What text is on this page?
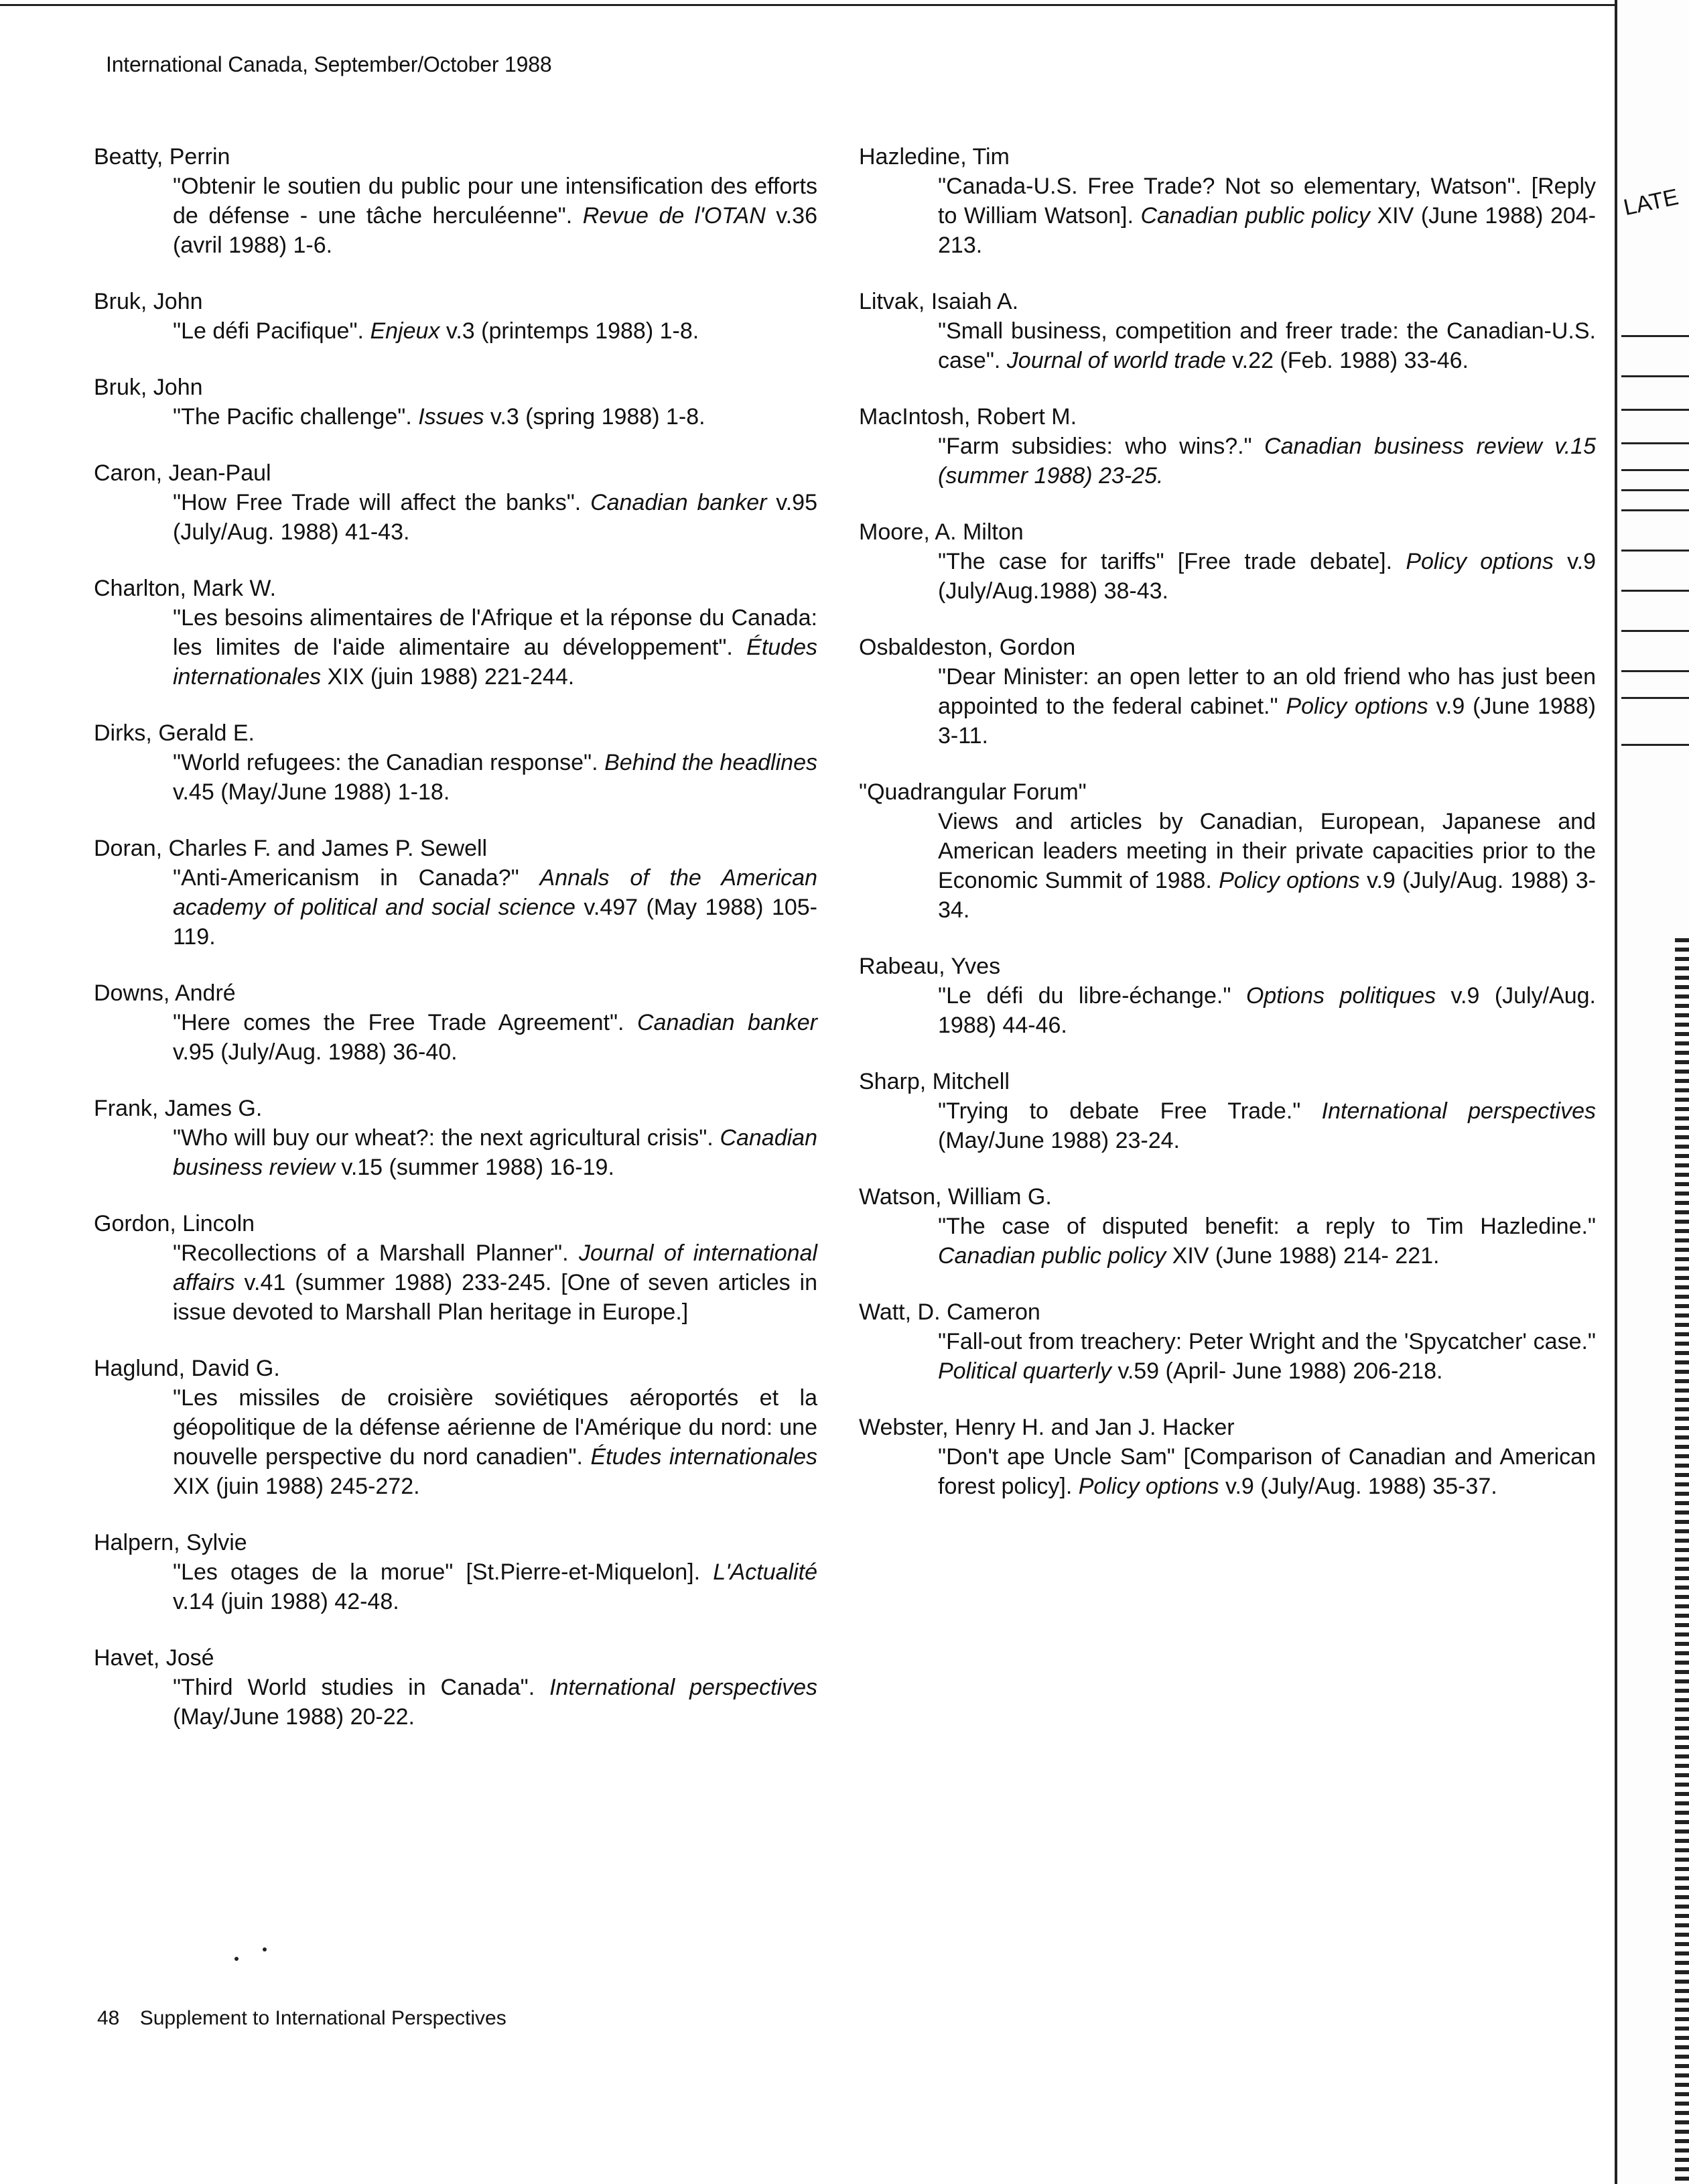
International Canada, September/October 1988
Beatty, Perrin
"Obtenir le soutien du public pour une intensification des efforts de défense - une tâche herculéenne". Revue de l'OTAN v.36 (avril 1988) 1-6.
Bruk, John
"Le défi Pacifique". Enjeux v.3 (printemps 1988) 1-8.
Bruk, John
"The Pacific challenge". Issues v.3 (spring 1988) 1-8.
Caron, Jean-Paul
"How Free Trade will affect the banks". Canadian banker v.95 (July/Aug. 1988) 41-43.
Charlton, Mark W.
"Les besoins alimentaires de l'Afrique et la réponse du Canada: les limites de l'aide alimentaire au développement". Études internationales XIX (juin 1988) 221-244.
Dirks, Gerald E.
"World refugees: the Canadian response". Behind the headlines v.45 (May/June 1988) 1-18.
Doran, Charles F. and James P. Sewell
"Anti-Americanism in Canada?" Annals of the American academy of political and social science v.497 (May 1988) 105-119.
Downs, André
"Here comes the Free Trade Agreement". Canadian banker v.95 (July/Aug. 1988) 36-40.
Frank, James G.
"Who will buy our wheat?: the next agricultural crisis". Canadian business review v.15 (summer 1988) 16-19.
Gordon, Lincoln
"Recollections of a Marshall Planner". Journal of international affairs v.41 (summer 1988) 233-245. [One of seven articles in issue devoted to Marshall Plan heritage in Europe.]
Haglund, David G.
"Les missiles de croisière soviétiques aéroportés et la géopolitique de la défense aérienne de l'Amérique du nord: une nouvelle perspective du nord canadien". Études internationales XIX (juin 1988) 245-272.
Halpern, Sylvie
"Les otages de la morue" [St.Pierre-et-Miquelon]. L'Actualité v.14 (juin 1988) 42-48.
Havet, José
"Third World studies in Canada". International perspectives (May/June 1988) 20-22.
Hazledine, Tim
"Canada-U.S. Free Trade? Not so elementary, Watson". [Reply to William Watson]. Canadian public policy XIV (June 1988) 204-213.
Litvak, Isaiah A.
"Small business, competition and freer trade: the Canadian-U.S. case". Journal of world trade v.22 (Feb. 1988) 33-46.
MacIntosh, Robert M.
"Farm subsidies: who wins?." Canadian business review v.15 (summer 1988) 23-25.
Moore, A. Milton
"The case for tariffs" [Free trade debate]. Policy options v.9 (July/Aug.1988) 38-43.
Osbaldeston, Gordon
"Dear Minister: an open letter to an old friend who has just been appointed to the federal cabinet." Policy options v.9 (June 1988) 3-11.
"Quadrangular Forum"
Views and articles by Canadian, European, Japanese and American leaders meeting in their private capacities prior to the Economic Summit of 1988. Policy options v.9 (July/Aug. 1988) 3-34.
Rabeau, Yves
"Le défi du libre-échange." Options politiques v.9 (July/Aug. 1988) 44-46.
Sharp, Mitchell
"Trying to debate Free Trade." International perspectives (May/June 1988) 23-24.
Watson, William G.
"The case of disputed benefit: a reply to Tim Hazledine." Canadian public policy XIV (June 1988) 214- 221.
Watt, D. Cameron
"Fall-out from treachery: Peter Wright and the 'Spycatcher' case." Political quarterly v.59 (April- June 1988) 206-218.
Webster, Henry H. and Jan J. Hacker
"Don't ape Uncle Sam" [Comparison of Canadian and American forest policy]. Policy options v.9 (July/Aug. 1988) 35-37.
48 Supplement to International Perspectives
LATE
